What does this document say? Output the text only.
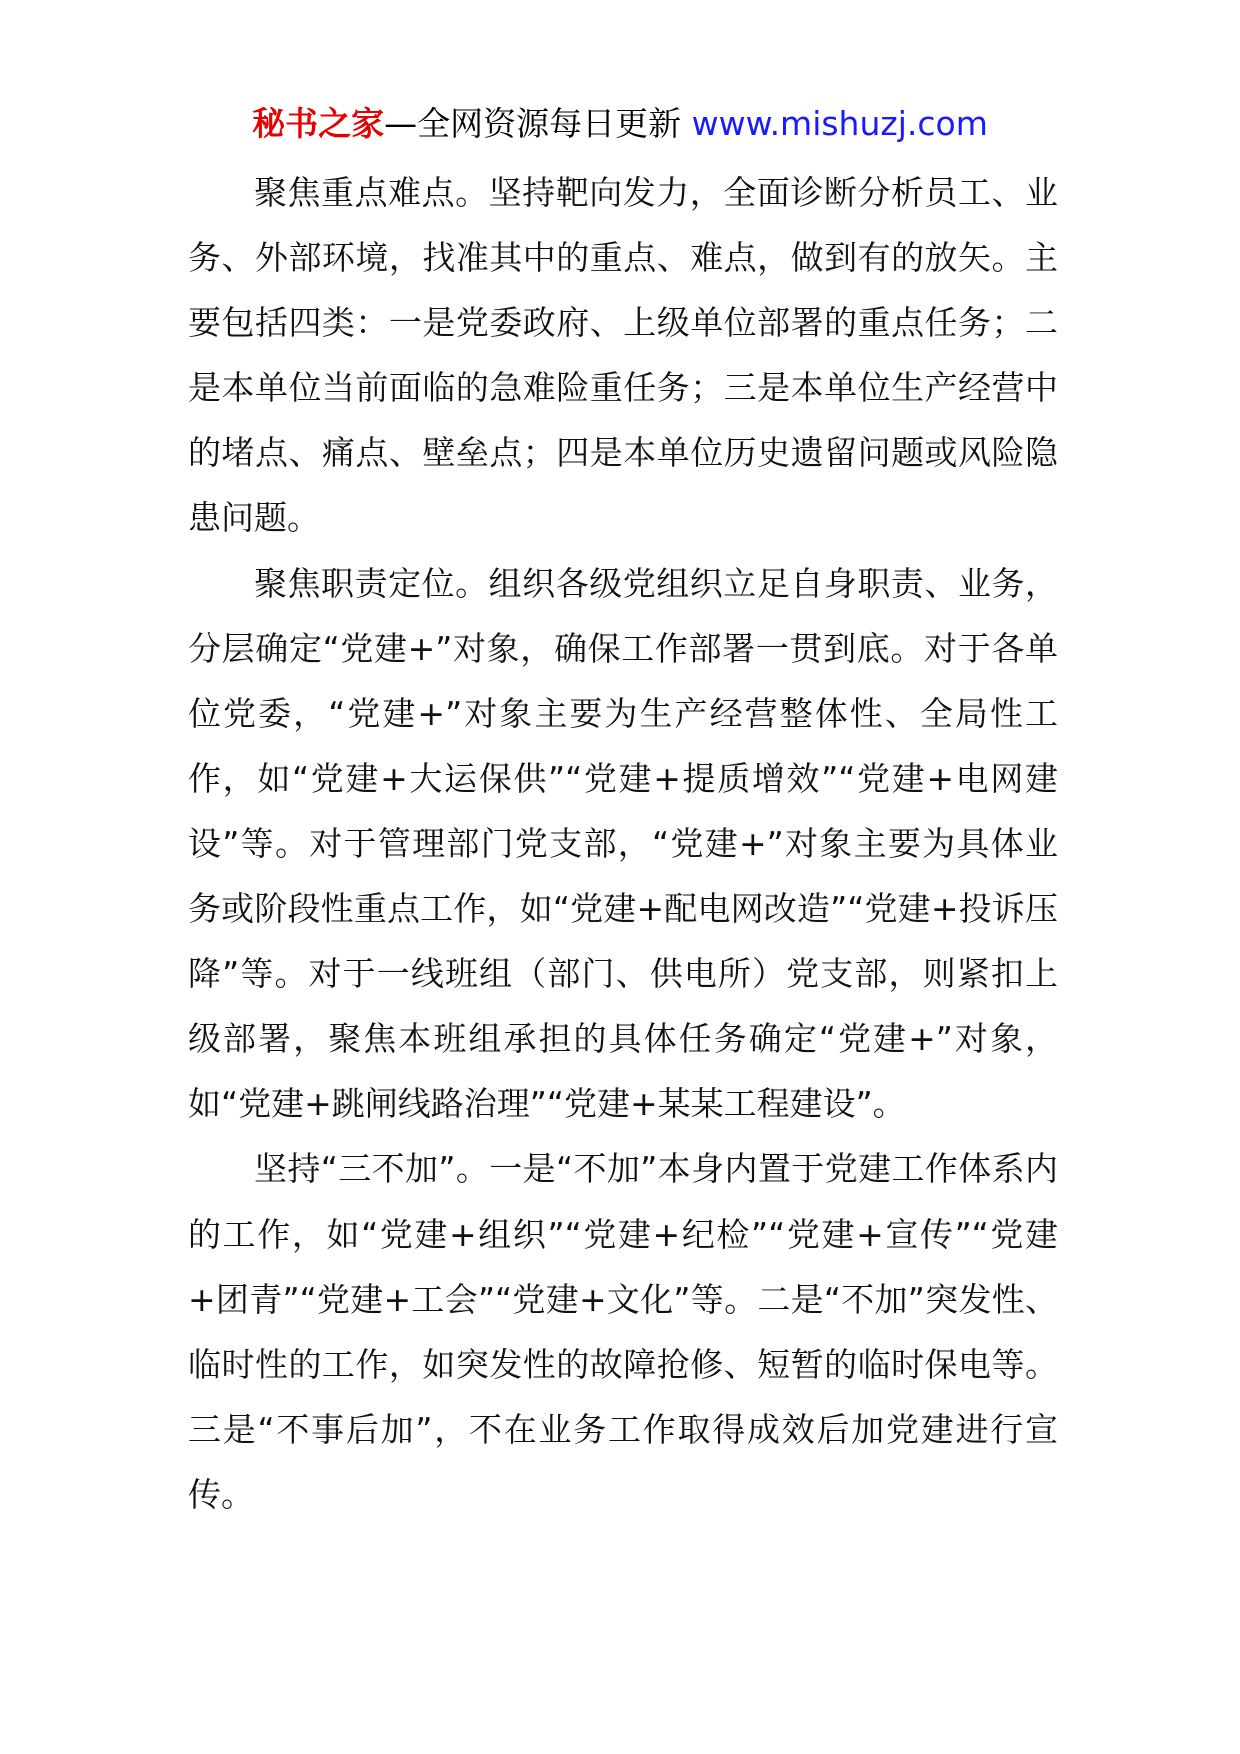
秘书之家—全网资源每日更新 www.mishuzj.com

聚焦重点难点。坚持靶向发力，全面诊断分析员工、业务、外部环境，找准其中的重点、难点，做到有的放矢。主要包括四类：一是党委政府、上级单位部署的重点任务；二是本单位当前面临的急难险重任务；三是本单位生产经营中的堵点、痛点、壁垒点；四是本单位历史遗留问题或风险隐患问题。

聚焦职责定位。组织各级党组织立足自身职责、业务，分层确定“党建+”对象，确保工作部署一贯到底。对于各单位党委，“党建+”对象主要为生产经营整体性、全局性工作，如“党建+大运保供”“党建+提质增效”“党建+电网建设”等。对于管理部门党支部，“党建+”对象主要为具体业务或阶段性重点工作，如“党建+配电网改造”“党建+投诉压降”等。对于一线班组（部门、供电所）党支部，则紧扣上级部署，聚焦本班组承担的具体任务确定“党建+”对象，如“党建+跳闸线路治理”“党建+某某工程建设”。

坚持“三不加”。一是“不加”本身内置于党建工作体系内的工作，如“党建+组织”“党建+纪检”“党建+宣传”“党建+团青”“党建+工会”“党建+文化”等。二是“不加”突发性、临时性的工作，如突发性的故障抢修、短暂的临时保电等。三是“不事后加”，不在业务工作取得成效后加党建进行宣传。
